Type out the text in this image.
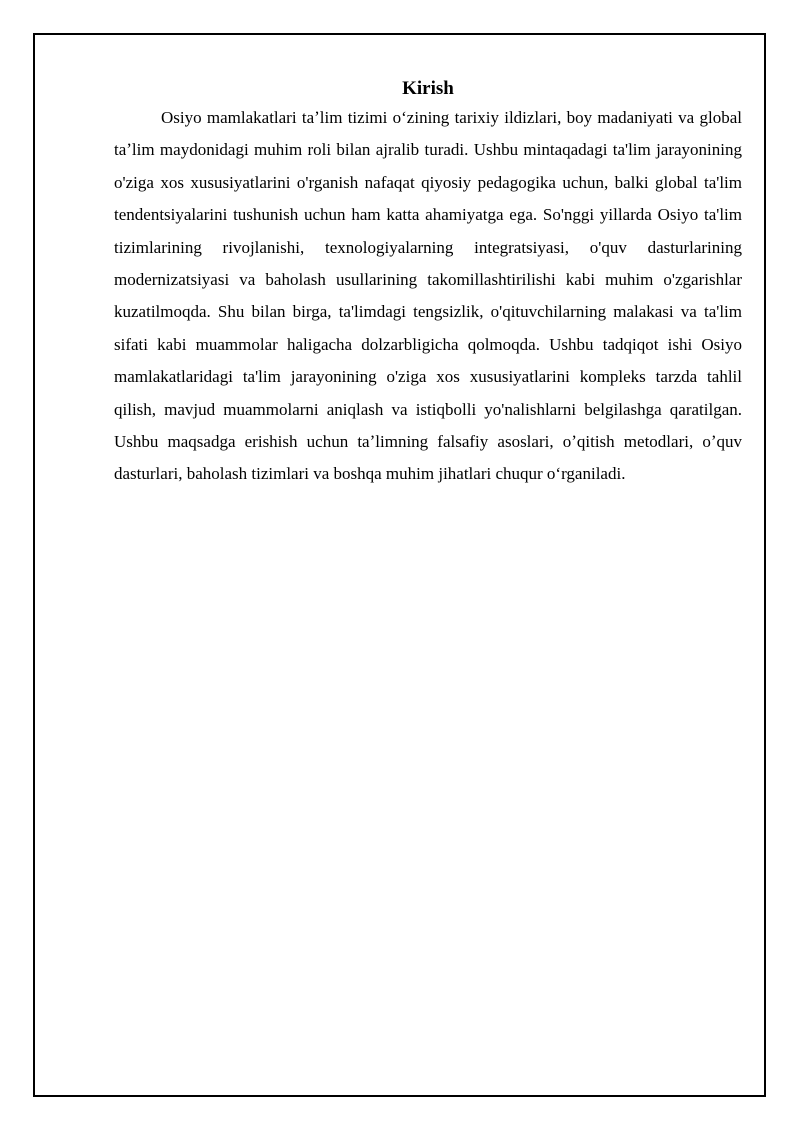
Kirish

Osiyo mamlakatlari taʼlim tizimi oʻzining tarixiy ildizlari, boy madaniyati va global taʼlim maydonidagi muhim roli bilan ajralib turadi. Ushbu mintaqadagi ta'lim jarayonining o'ziga xos xususiyatlarini o'rganish nafaqat qiyosiy pedagogika uchun, balki global ta'lim tendentsiyalarini tushunish uchun ham katta ahamiyatga ega. So'nggi yillarda Osiyo ta'lim tizimlarining rivojlanishi, texnologiyalarning integratsiyasi, o'quv dasturlarining modernizatsiyasi va baholash usullarining takomillashtirilishi kabi muhim o'zgarishlar kuzatilmoqda. Shu bilan birga, ta'limdagi tengsizlik, o'qituvchilarning malakasi va ta'lim sifati kabi muammolar haligacha dolzarbligicha qolmoqda. Ushbu tadqiqot ishi Osiyo mamlakatlaridagi ta'lim jarayonining o'ziga xos xususiyatlarini kompleks tarzda tahlil qilish, mavjud muammolarni aniqlash va istiqbolli yo'nalishlarni belgilashga qaratilgan. Ushbu maqsadga erishish uchun taʼlimning falsafiy asoslari, oʼqitish metodlari, oʼquv dasturlari, baholash tizimlari va boshqa muhim jihatlari chuqur oʻrganiladi.
